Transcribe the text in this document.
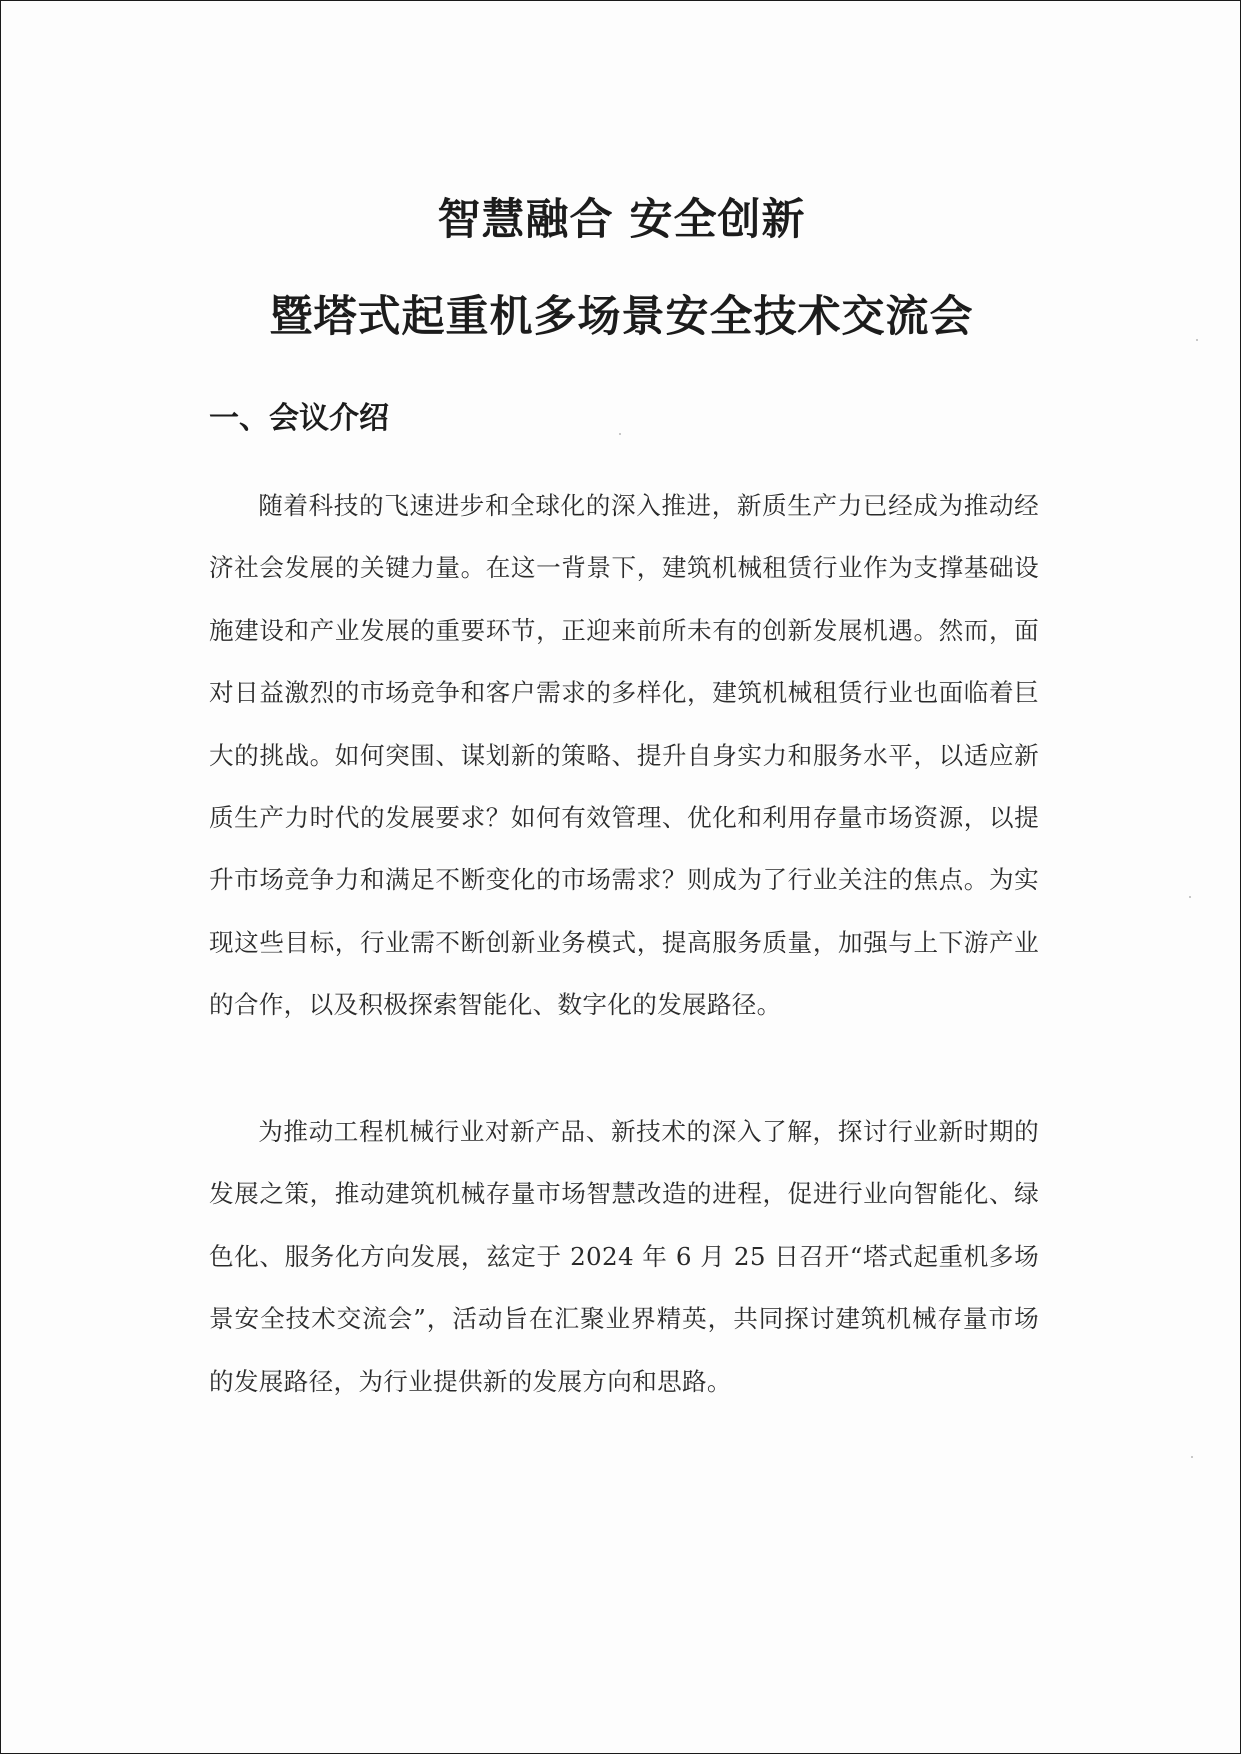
智慧融合 安全创新
暨塔式起重机多场景安全技术交流会
一、会议介绍

随着科技的飞速进步和全球化的深入推进，新质生产力已经成为推动经济社会发展的关键力量。在这一背景下，建筑机械租赁行业作为支撑基础设施建设和产业发展的重要环节，正迎来前所未有的创新发展机遇。然而，面对日益激烈的市场竞争和客户需求的多样化，建筑机械租赁行业也面临着巨大的挑战。如何突围、谋划新的策略、提升自身实力和服务水平，以适应新质生产力时代的发展要求？如何有效管理、优化和利用存量市场资源，以提升市场竞争力和满足不断变化的市场需求？则成为了行业关注的焦点。为实现这些目标，行业需不断创新业务模式，提高服务质量，加强与上下游产业的合作，以及积极探索智能化、数字化的发展路径。

为推动工程机械行业对新产品、新技术的深入了解，探讨行业新时期的发展之策，推动建筑机械存量市场智慧改造的进程，促进行业向智能化、绿色化、服务化方向发展，兹定于 2024 年 6 月 25 日召开“塔式起重机多场景安全技术交流会”，活动旨在汇聚业界精英，共同探讨建筑机械存量市场的发展路径，为行业提供新的发展方向和思路。
